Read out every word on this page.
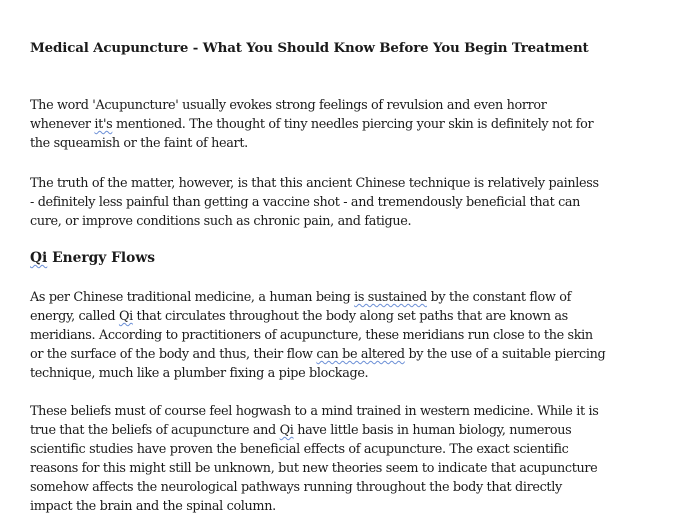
Medical Acupuncture - What You Should Know Before You Begin Treatment

The word 'Acupuncture' usually evokes strong feelings of revulsion and even horror
whenever it's mentioned. The thought of tiny needles piercing your skin is definitely not for
the squeamish or the faint of heart.

The truth of the matter, however, is that this ancient Chinese technique is relatively painless
- definitely less painful than getting a vaccine shot - and tremendously beneficial that can
cure, or improve conditions such as chronic pain, and fatigue.

Qi Energy Flows

As per Chinese traditional medicine, a human being is sustained by the constant flow of
energy, called Qi that circulates throughout the body along set paths that are known as
meridians. According to practitioners of acupuncture, these meridians run close to the skin
or the surface of the body and thus, their flow can be altered by the use of a suitable piercing
technique, much like a plumber fixing a pipe blockage.

These beliefs must of course feel hogwash to a mind trained in western medicine. While it is
true that the beliefs of acupuncture and Qi have little basis in human biology, numerous
scientific studies have proven the beneficial effects of acupuncture. The exact scientific
reasons for this might still be unknown, but new theories seem to indicate that acupuncture
somehow affects the neurological pathways running throughout the body that directly
impact the brain and the spinal column.
